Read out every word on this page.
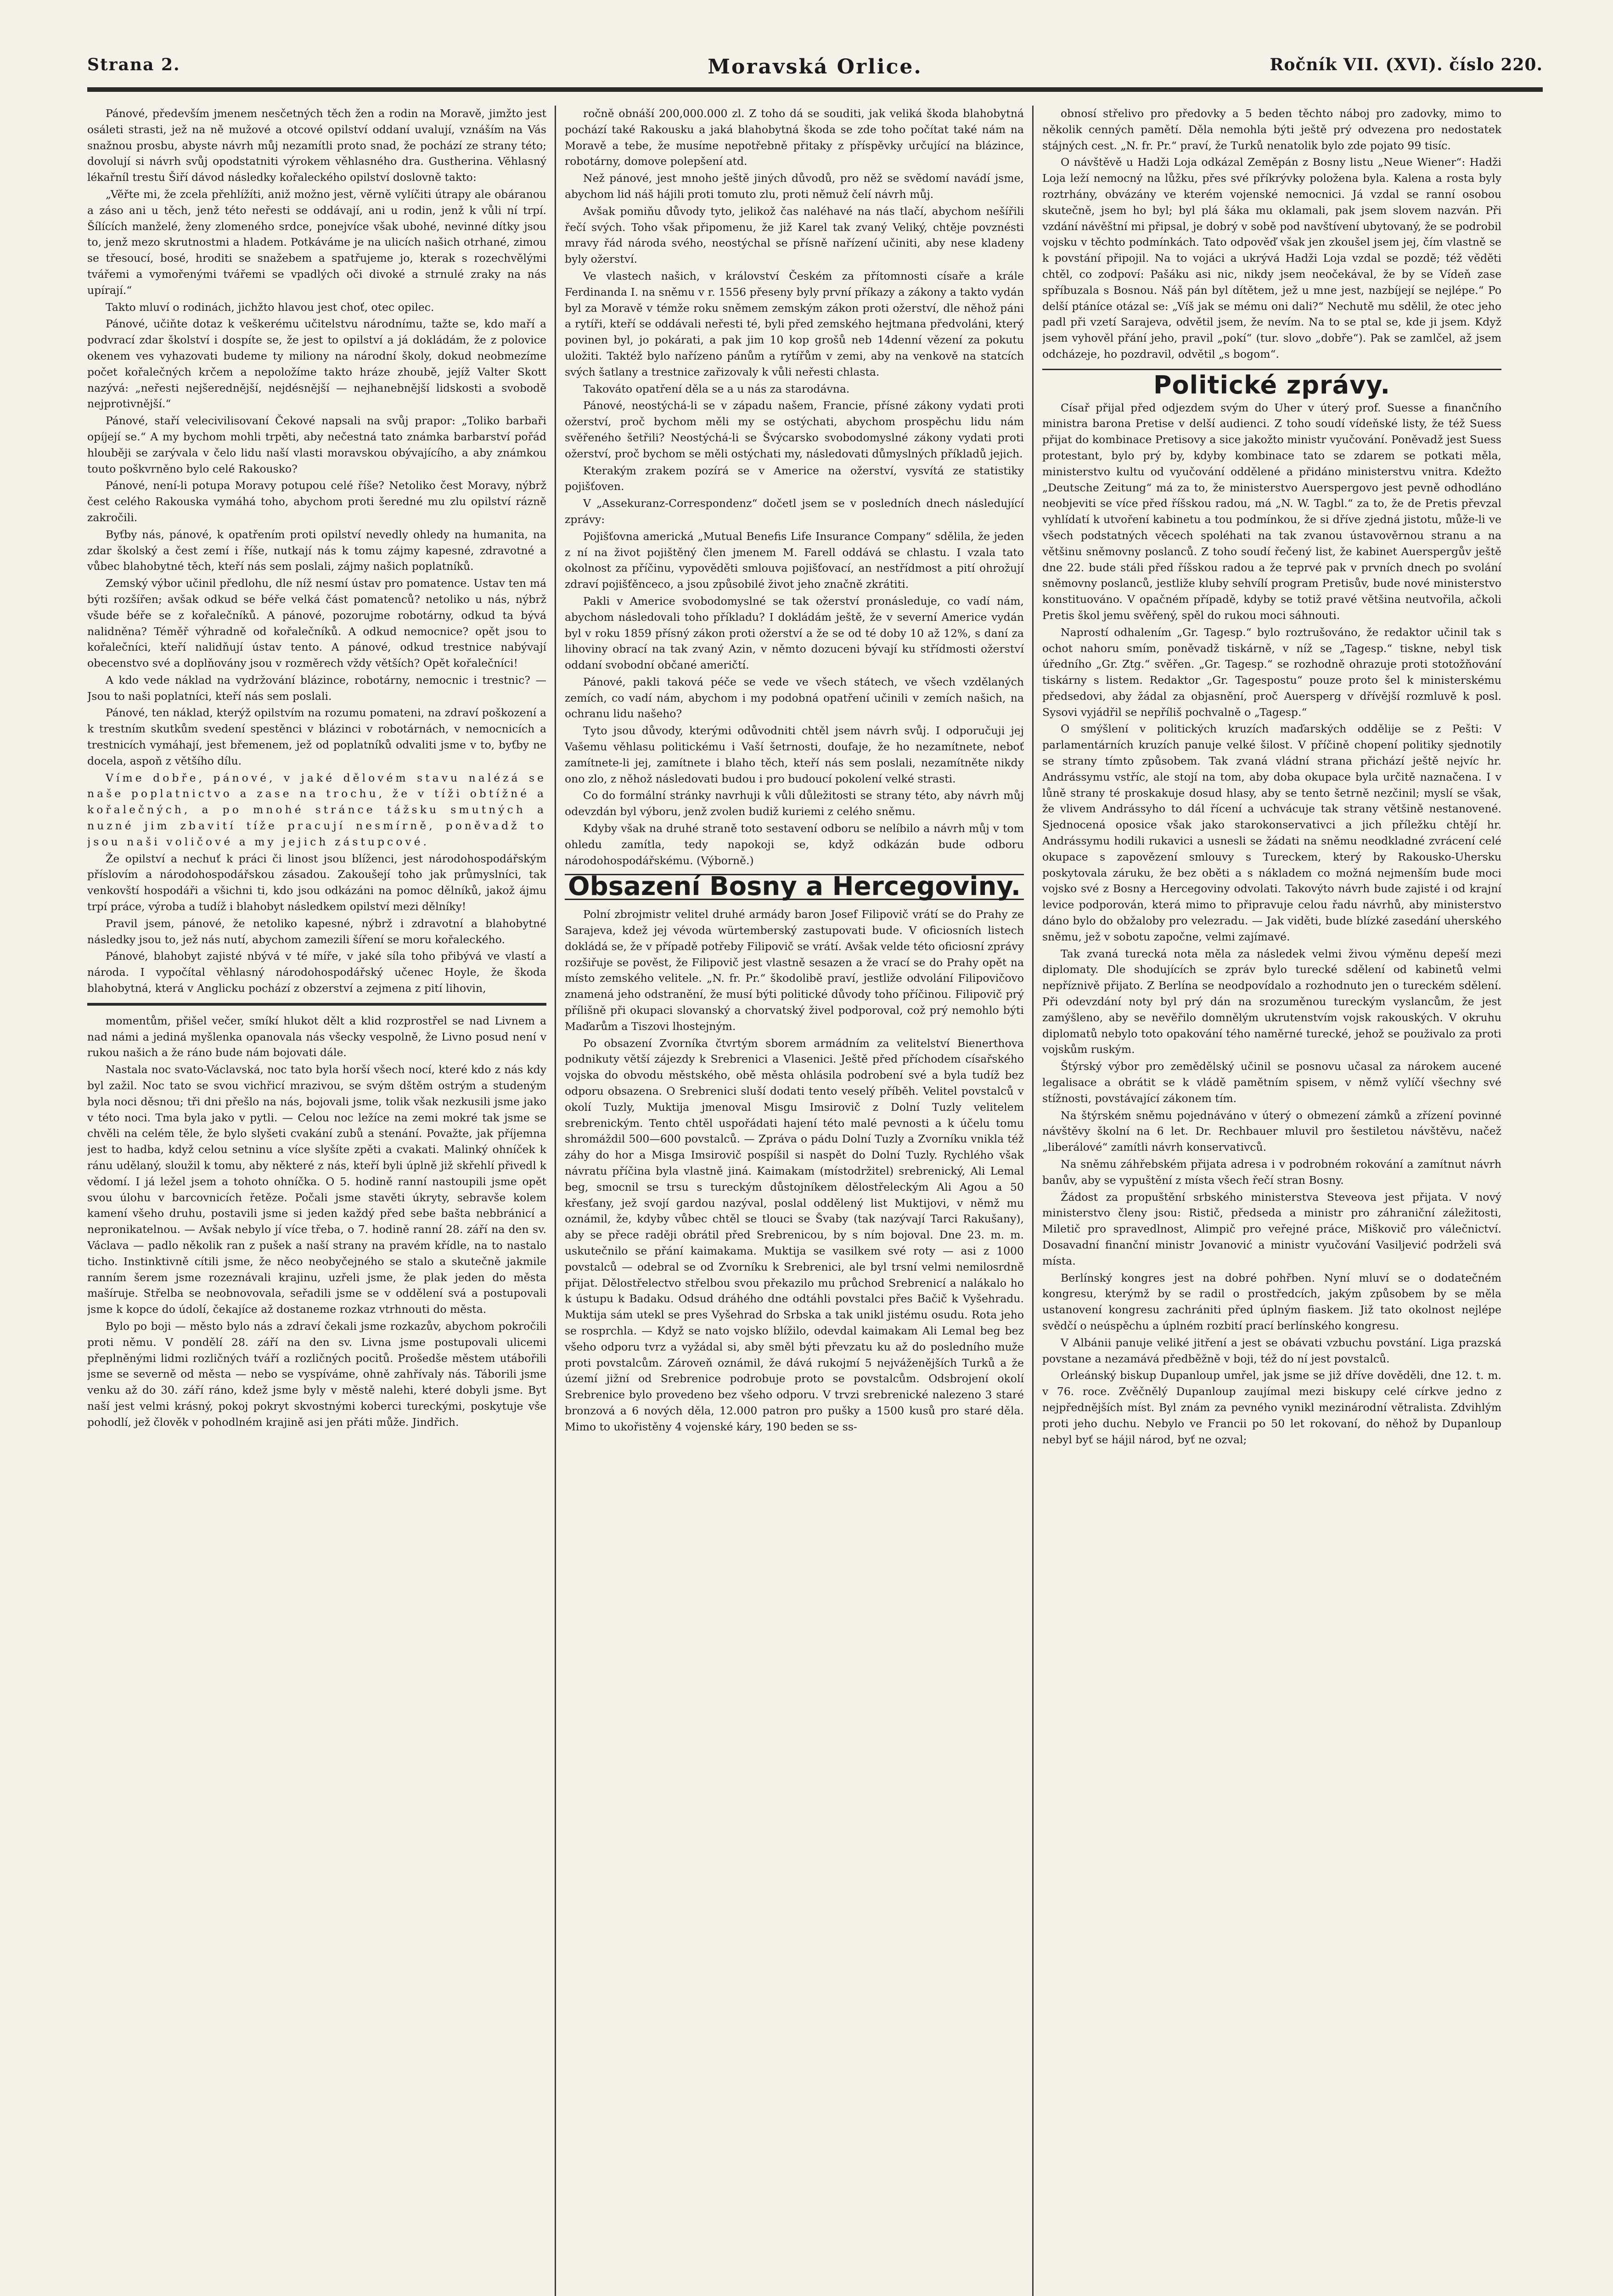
Strana 2.	Moravská Orlice.	Ročník VII. (XVI). číslo 220.

Pánové, především jmenem nesčetných těch žen a rodin na Moravě, jimžto jest osáleti strasti, jež na ně mužové a otcové opilství oddaní uvalují, vznáším na Vás snažnou prosbu, abyste návrh můj nezamítli proto snad, že pochází ze strany této; dovolují si návrh svůj opodstatniti výrokem věhlasného dra. Gustherina. Věhlasný lékařníl trestu Šiří dávod následky kořaleckého opilství doslovně takto:

„Věřte mi, že zcela přehlížíti, aniž možno jest, věrně vylíčiti útrapy ale obáranou a záso ani u těch, jenž této neřesti se oddávají, ani u rodin, jenž k vůli ní trpí. Šílících manželé, ženy zlomeného srdce, ponejvíce však ubohé, nevinné dítky jsou to, jenž mezo skrutnostmi a hladem. Potkáváme je na ulicích našich otrhané, zimou se třesoucí, bosé, hroditi se snažebem a spatřujeme jo, kterak s rozechvělými tvářemi a vymořenými tvářemi se vpadlých oči divoké a strnulé zraky na nás upírají.“

Takto mluví o rodinách, jichžto hlavou jest choť, otec opilec.

Pánové, učiňte dotaz k veškerému učitelstvu národnímu, tažte se, kdo maří a podvrací zdar školství i dospíte se, že jest to opilství a já dokládám, že z polovice okenem ves vyhazovati budeme ty miliony na národní školy, dokud neobmezíme počet kořalečných krčem a nepoložíme takto hráze zhoubě, jejíž Valter Skott nazývá: „neřesti nejšerednější, nejdésnější — nejhanebnější lidskosti a svobodě nejprotivnější.“

Pánové, staří velecivilisovaní Čekové napsali na svůj prapor: „Toliko barbaři opíjejí se.“ A my bychom mohli trpěti, aby nečestná tato známka barbarství pořád hlouběji se zarývala v čelo lidu naší vlasti moravskou obývajícího, a aby známkou touto poškvrněno bylo celé Rakousko?

Pánové, není-li potupa Moravy potupou celé říše? Netoliko čest Moravy, nýbrž čest celého Rakouska vymáhá toho, abychom proti šeredné mu zlu opilství rázně zakročili.

Byťby nás, pánové, k opatřením proti opilství nevedly ohledy na humanita, na zdar školský a čest zemí i říše, nutkají nás k tomu zájmy kapesné, zdravotné a vůbec blahobytné těch, kteří nás sem poslali, zájmy našich poplatníků.

Zemský výbor učinil předlohu, dle níž nesmí ústav pro pomatence. Ustav ten má býti rozšířen; avšak odkud se béře velká část pomatenců? netoliko u nás, nýbrž všude béře se z kořalečníků. A pánové, pozorujme robotárny, odkud ta bývá nalidněna? Téměř výhradně od kořalečníků. A odkud nemocnice? opět jsou to kořalečníci, kteří nalidňují ústav tento. A pánové, odkud trestnice nabývají obecenstvo své a doplňovány jsou v rozměrech vždy větších? Opět kořalečníci!

A kdo vede náklad na vydržování blázince, robotárny, nemocnic i trestnic? — Jsou to naši poplatníci, kteří nás sem poslali.

Pánové, ten náklad, kterýž opilstvím na rozumu pomateni, na zdraví poškození a k trestním skutkům svedení spestěnci v blázinci v robotárnách, v nemocnicích a trestnicích vymáhají, jest břemenem, jež od poplatníků odvaliti jsme v to, byťby ne docela, aspoň z většího dílu.

Víme dobře, pánové, v jaké dělovém stavu nalézá se naše poplatnictvo a zase na trochu, že v tíži obtížné a kořalečných, a po mnohé stránce tážsku smutných a nuzné jim zbavití tíže pracují nesmírně, poněvadž to jsou naši voličové a my jejich zástupcové.

Že opilství a nechuť k práci či linost jsou blíženci, jest národohospodářským příslovím a národohospodářskou zásadou. Zakoušejí toho jak průmyslníci, tak venkovští hospodáři a všichni ti, kdo jsou odkázáni na pomoc dělníků, jakož ájmu trpí práce, výroba a tudíž i blahobyt následkem opilství mezi dělníky!

Pravil jsem, pánové, že netoliko kapesné, nýbrž i zdravotní a blahobytné následky jsou to, jež nás nutí, abychom zamezili šíření se moru kořaleckého.

Pánové, blahobyt zajisté nbývá v té míře, v jaké síla toho přibývá ve vlastí a národa. I vypočítal věhlasný národohospodářský učenec Hoyle, že škoda blahobytná, která v Anglicku pochází z obzerství a zejmena z pití lihovin,

momentům, přišel večer, smíkí hlukot dělt a klid rozprostřel se nad Livnem a nad námi a jediná myšlenka opanovala nás všecky vespolně, že Livno posud není v rukou našich a že ráno bude nám bojovati dále.

Nastala noc svato-Václavská, noc tato byla horší všech nocí, které kdo z nás kdy byl zažil. Noc tato se svou vichřicí mrazivou, se svým dštěm ostrým a studeným byla noci děsnou; tři dni přešlo na nás, bojovali jsme, tolik však nezkusili jsme jako v této noci. Tma byla jako v pytli. — Celou noc ležíce na zemi mokré tak jsme se chvěli na celém těle, že bylo slyšeti cvakání zubů a stenání. Považte, jak příjemna jest to hadba, když celou setninu a více slyšíte zpěti a cvakati. Malinký ohníček k ránu udělaný, sloužil k tomu, aby některé z nás, kteří byli úplně již skřehlí přivedl k vědomí. I já ležel jsem a tohoto ohníčka. O 5. hodině ranní nastoupili jsme opět svou úlohu v barcovnicích řetěze. Počali jsme stavěti úkryty, sebravše kolem kamení všeho druhu, postavili jsme si jeden každý před sebe bašta nebbránicí a nepronikatelnou. — Avšak nebylo jí více třeba, o 7. hodině ranní 28. září na den sv. Václava — padlo několik ran z pušek a naší strany na pravém křídle, na to nastalo ticho. Instinktivně cítili jsme, že něco neobyčejného se stalo a skutečně jakmile ranním šerem jsme rozeznávali krajinu, uzřeli jsme, že plak jeden do města mašíruje. Střelba se neobnovovala, seřadili jsme se v oddělení svá a postupovali jsme k kopce do údolí, čekajíce až dostaneme rozkaz vtrhnouti do města.

Bylo po boji — město bylo nás a zdraví čekali jsme rozkazův, abychom pokročili proti němu. V pondělí 28. září na den sv. Livna jsme postupovali ulicemi přeplněnými lidmi rozličných tváří a rozličných pocitů. Prošedše městem utábořili jsme se severně od města — nebo se vyspíváme, ohně zahřívaly nás. Táborili jsme venku až do 30. září ráno, kdež jsme byly v městě nalehi, které dobyli jsme. Byt naší jest velmi krásný, pokoj pokryt skvostnými koberci tureckými, poskytuje vše pohodlí, jež člověk v pohodlném krajině asi jen přáti může. Jindřich.

ročně obnáší 200,000.000 zl. Z toho dá se souditi, jak veliká škoda blahobytná pochází také Rakousku a jaká blahobytná škoda se zde toho počítat také nám na Moravě a tebe, že musíme nepotřebně přitaky z příspěvky určující na blázince, robotárny, domove polepšení atd.

Než pánové, jest mnoho ještě jiných důvodů, pro něž se svědomí navádí jsme, abychom lid náš hájili proti tomuto zlu, proti němuž čelí návrh můj.

Avšak pomiňu důvody tyto, jelikož čas naléhavé na nás tlačí, abychom nešířili řečí svých. Toho však připomenu, že již Karel tak zvaný Veliký, chtěje povznésti mravy řád národa svého, neostýchal se přísně nařízení učiniti, aby nese kladeny byly ožerství.

Ve vlastech našich, v království Českém za přítomnosti císaře a krále Ferdinanda I. na sněmu v r. 1556 přeseny byly první příkazy a zákony a takto vydán byl za Moravě v témže roku sněmem zemským zákon proti ožerství, dle něhož páni a rytíři, kteří se oddávali neřesti té, byli před zemského hejtmana předvoláni, který povinen byl, jo pokárati, a pak jim 10 kop grošů neb 14denní vězení za pokutu uložiti. Taktéž bylo nařízeno pánům a rytířům v zemi, aby na venkově na statcích svých šatlany a trestnice zařizovaly k vůli neřesti chlasta.

Takováto opatření děla se a u nás za starodávna.

Pánové, neostýchá-li se v západu našem, Francie, přísné zákony vydati proti ožerství, proč bychom měli my se ostýchati, abychom prospěchu lidu nám svěřeného šetřili? Neostýchá-li se Švýcarsko svobodomyslné zákony vydati proti ožerství, proč bychom se měli ostýchati my, následovati důmyslných příkladů jejich.

Kterakým zrakem pozírá se v Americe na ožerství, vysvítá ze statistiky pojišťoven.

V „Assekuranz-Correspondenz“ dočetl jsem se v posledních dnech následující zprávy:

Pojišťovna americká „Mutual Benefis Life Insurance Company“ sdělila, že jeden z ní na život pojištěný člen jmenem M. Farell oddává se chlastu. I vzala tato okolnost za příčinu, vypověděti smlouva pojišťovací, an nestřídmost a pití ohrožují zdraví pojišťěnceco, a jsou způsobilé život jeho značně zkrátiti.

Pakli v Americe svobodomyslné se tak ožerství pronásleduje, co vadí nám, abychom následovali toho příkladu? I dokládám ještě, že v severní Americe vydán byl v roku 1859 přísný zákon proti ožerství a že se od té doby 10 až 12%, s daní za lihoviny obrací na tak zvaný Azin, v němto dozuceni bývají ku střídmosti ožerství oddaní svobodní občané američtí.

Pánové, pakli taková péče se vede ve všech státech, ve všech vzdělaných zemích, co vadí nám, abychom i my podobná opatření učinili v zemích našich, na ochranu lidu našeho?

Tyto jsou důvody, kterými odůvodniti chtěl jsem návrh svůj. I odporučuji jej Vašemu věhlasu politickému i Vaší šetrnosti, doufaje, že ho nezamítnete, neboť zamítnete-li jej, zamítnete i blaho těch, kteří nás sem poslali, nezamítněte nikdy ono zlo, z něhož následovati budou i pro budoucí pokolení velké strasti.

Co do formální stránky navrhuji k vůli důležitosti se strany této, aby návrh můj odevzdán byl výboru, jenž zvolen budiž kuriemi z celého sněmu.

Kdyby však na druhé straně toto sestavení odboru se nelíbilo a návrh můj v tom ohledu zamítla, tedy napokoji se, když odkázán bude odboru národohospodářskému. (Výborně.)

Obsazení Bosny a Hercegoviny.

Polní zbrojmistr velitel druhé armády baron Josef Filipovič vrátí se do Prahy ze Sarajeva, kdež jej vévoda würtemberský zastupovati bude. V oficiosních listech dokládá se, že v případě potřeby Filipovič se vrátí. Avšak velde této oficiosní zprávy rozšiřuje se pověst, že Filipovič jest vlastně sesazen a že vrací se do Prahy opět na místo zemského velitele. „N. fr. Pr.“ škodolibě praví, jestliže odvolání Filipovičovo znamená jeho odstranění, že musí býti politické důvody toho příčinou. Filipovič prý přílišně při okupaci slovanský a chorvatský živel podporoval, což prý nemohlo býti Maďarům a Tiszovi lhostejným.

Po obsazení Zvorníka čtvrtým sborem armádním za velitelství Bienerthova podnikuty větší zájezdy k Srebrenici a Vlasenici. Ještě před příchodem císařského vojska do obvodu městského, obě města ohlásila podrobení své a byla tudíž bez odporu obsazena. O Srebrenici sluší dodati tento veselý příběh. Velitel povstalců v okolí Tuzly, Muktija jmenoval Misgu Imsirovič z Dolní Tuzly velitelem srebrenickým. Tento chtěl uspořádati hajení této malé pevnosti a k účelu tomu shromáždil 500—600 povstalců. — Zpráva o pádu Dolní Tuzly a Zvorníku vnikla též záhy do hor a Misga Imsirovič pospíšil si naspět do Dolní Tuzly. Rychlého však návratu příčina byla vlastně jiná. Kaimakam (místodržitel) srebrenický, Ali Lemal beg, smocnil se trsu s tureckým důstojníkem dělostřeleckým Ali Agou a 50 křesťany, jež svojí gardou nazýval, poslal oddělený list Muktijovi, v němž mu oznámil, že, kdyby vůbec chtěl se tlouci se Švaby (tak nazývají Tarci Rakušany), aby se přece raději obrátil před Srebrenicou, by s ním bojoval. Dne 23. m. m. uskutečnilo se přání kaimakama. Muktija se vasilkem své roty — asi z 1000 povstalců — odebral se od Zvorníku k Srebrenici, ale byl trsní velmi nemilosrdně přijat. Dělostřelectvo střelbou svou překazilo mu průchod Srebrenicí a nalákalo ho k ústupu k Badaku. Odsud dráhého dne odtáhli povstalci přes Bačič k Vyšehradu. Muktija sám utekl se pres Vyšehrad do Srbska a tak unikl jistému osudu. Rota jeho se rosprchla. — Když se nato vojsko blížilo, odevdal kaimakam Ali Lemal beg bez všeho odporu tvrz a vyžádal si, aby směl býti převzatu ku až do posledního muže proti povstalcům. Zároveň oznámil, že dává rukojmí 5 nejváženějších Turků a že území jižní od Srebrenice podrobuje proto se povstalcům. Odsbrojení okolí Srebrenice bylo provedeno bez všeho odporu. V trvzi srebrenické nalezeno 3 staré bronzová a 6 nových děla, 12.000 patron pro pušky a 1500 kusů pro staré děla. Mimo to ukořistěny 4 vojenské káry, 190 beden se ss-

obnosí střelivo pro předovky a 5 beden těchto náboj pro zadovky, mimo to několik cenných pamětí. Děla nemohla býti ještě prý odvezena pro nedostatek stájných cest. „N. fr. Pr.“ praví, že Turků nenatolik bylo zde pojato 99 tisíc.

O návštěvě u Hadži Loja odkázal Zeměpán z Bosny listu „Neue Wiener“: Hadži Loja leží nemocný na lůžku, přes své příkrývky položena byla. Kalena a rosta byly roztrhány, obvázány ve kterém vojenské nemocnici. Já vzdal se ranní osobou skutečně, jsem ho byl; byl plá šáka mu oklamali, pak jsem slovem nazván. Při vzdání návěštní mi připsal, je dobrý v sobě pod navštívení ubytovaný, že se podrobil vojsku v těchto podmínkách. Tato odpověď však jen zkoušel jsem jej, čím vlastně se k povstání připojil. Na to vojáci a ukrývá Hadži Loja vzdal se pozdě; též věděti chtěl, co zodpoví: Pašáku asi nic, nikdy jsem neočekával, že by se Vídeň zase spříbuzala s Bosnou. Náš pán byl dítětem, jež u mne jest, nazbíjejí se nejlépe.“ Po delší ptáníce otázal se: „Víš jak se mému oni dali?“ Nechutě mu sdělil, že otec jeho padl při vzetí Sarajeva, odvětil jsem, že nevím. Na to se ptal se, kde ji jsem. Když jsem vyhověl přání jeho, pravil „pokí“ (tur. slovo „dobře“). Pak se zamlčel, až jsem odcházeje, ho pozdravil, odvětil „s bogom“.

Politické zprávy.

Císař přijal před odjezdem svým do Uher v úterý prof. Suesse a finančního ministra barona Pretise v delší audienci. Z toho soudí vídeňské listy, že též Suess přijat do kombinace Pretisovy a sice jakožto ministr vyučování. Poněvadž jest Suess protestant, bylo prý by, kdyby kombinace tato se zdarem se potkati měla, ministerstvo kultu od vyučování oddělené a přidáno ministerstvu vnitra. Kdežto „Deutsche Zeitung“ má za to, že ministerstvo Auerspergovo jest pevně odhodláno neobjeviti se více před říšskou radou, má „N. W. Tagbl.“ za to, že de Pretis převzal vyhlídatí k utvoření kabinetu a tou podmínkou, že si dříve zjedná jistotu, může-li ve všech podstatných věcech spoléhati na tak zvanou ústavověrnou stranu a na většinu sněmovny poslanců. Z toho soudí řečený list, že kabinet Auerspergův ještě dne 22. bude stáli před říšskou radou a že teprvé pak v prvních dnech po svolání sněmovny poslanců, jestliže kluby sehvílí program Pretisův, bude nové ministerstvo konstituováno. V opačném případě, kdyby se totiž pravé většina neutvořila, ačkoli Pretis škol jemu svěřený, spěl do rukou moci sáhnouti.

Naprostí odhalením „Gr. Tagesp.“ bylo roztrušováno, že redaktor učinil tak s ochot nahoru smím, poněvadž tiskárně, v níž se „Tagesp.“ tiskne, nebyl tisk úředního „Gr. Ztg.“ svěřen. „Gr. Tagesp.“ se rozhodně ohrazuje proti stotožňování tiskárny s listem. Redaktor „Gr. Tagespostu“ pouze proto šel k ministerskému předsedovi, aby žádal za objasnění, proč Auersperg v dřívější rozmluvě k posl. Sysovi vyjádřil se nepříliš pochvalně o „Tagesp.“

O smýšlení v politických kruzích maďarských oddělije se z Pešti: V parlamentárních kruzích panuje velké šilost. V příčině chopení politiky sjednotily se strany tímto způsobem. Tak zvaná vládní strana přichází ještě nejvíc hr. Andrássymu vstříc, ale stojí na tom, aby doba okupace byla určitě naznačena. I v lůně strany té proskakuje dosud hlasy, aby se tento šetrně nezčinil; myslí se však, že vlivem Andrássyho to dál řícení a uchvácuje tak strany většině nestanovené. Sjednocená oposice však jako starokonservativci a jich příležku chtějí hr. Andrássymu hodili rukavici a usnesli se žádati na sněmu neodkladné zvrácení celé okupace s zapovězení smlouvy s Tureckem, který by Rakousko-Uhersku poskytovala záruku, že bez oběti a s nákladem co možná nejmenším bude moci vojsko své z Bosny a Hercegoviny odvolati. Takovýto návrh bude zajisté i od krajní levice podporován, která mimo to připravuje celou řadu návrhů, aby ministerstvo dáno bylo do obžaloby pro velezradu. — Jak viděti, bude blízké zasedání uherského sněmu, jež v sobotu započne, velmi zajímavé.

Tak zvaná turecká nota měla za následek velmi živou výměnu depeší mezi diplomaty. Dle shodujících se zpráv bylo turecké sdělení od kabinetů velmi nepříznivě přijato. Z Berlína se neodpovídalo a rozhodnuto jen o tureckém sdělení. Při odevzdání noty byl prý dán na srozuměnou tureckým vyslancům, že jest zamýšleno, aby se nevěřilo domnělým ukrutenstvím vojsk rakouských. V okruhu diplomatů nebylo toto opakování tého naměrné turecké, jehož se použivalo za proti vojskům ruským.

Štýrský výbor pro zemědělský učinil se posnovu učasal za nárokem aucené legalisace a obrátit se k vládě pamětním spisem, v němž vylíčí všechny své stížnosti, povstávající zákonem tím.

Na štýrském sněmu pojednáváno v úterý o obmezení zámků a zřízení povinné návštěvy školní na 6 let. Dr. Rechbauer mluvil pro šestiletou návštěvu, načež „liberálové“ zamítli návrh konservativců.

Na sněmu záhřebském přijata adresa i v podrobném rokování a zamítnut návrh banův, aby se vypuštění z místa všech řečí stran Bosny.

Žádost za propuštění srbského ministerstva Steveova jest přijata. V nový ministerstvo členy jsou: Ristič, předseda a ministr pro záhraniční záležitosti, Miletič pro spravedlnost, Alimpič pro veřejné práce, Miškovič pro válečnictví. Dosavadní finanční ministr Jovanović a ministr vyučování Vasiljević podrželi svá místa.

Berlínský kongres jest na dobré pohřben. Nyní mluví se o dodatečném kongresu, kterýmž by se radil o prostředcích, jakým způsobem by se měla ustanovení kongresu zachrániti před úplným fiaskem. Již tato okolnost nejlépe svědčí o neúspěchu a úplném rozbití prací berlínského kongresu.

V Albánii panuje veliké jitření a jest se obávati vzbuchu povstání. Liga prazská povstane a nezamává předběžně v boji, též do ní jest povstalců.

Orleánský biskup Dupanloup umřel, jak jsme se již dříve dověděli, dne 12. t. m. v 76. roce. Zvěčnělý Dupanloup zaujímal mezi biskupy celé církve jedno z nejpřednějších míst. Byl znám za pevného vynikl mezinárodní větralista. Zdvihlým proti jeho duchu. Nebylo ve Francii po 50 let rokovaní, do něhož by Dupanloup nebyl byť se hájil národ, byť ne ozval;
